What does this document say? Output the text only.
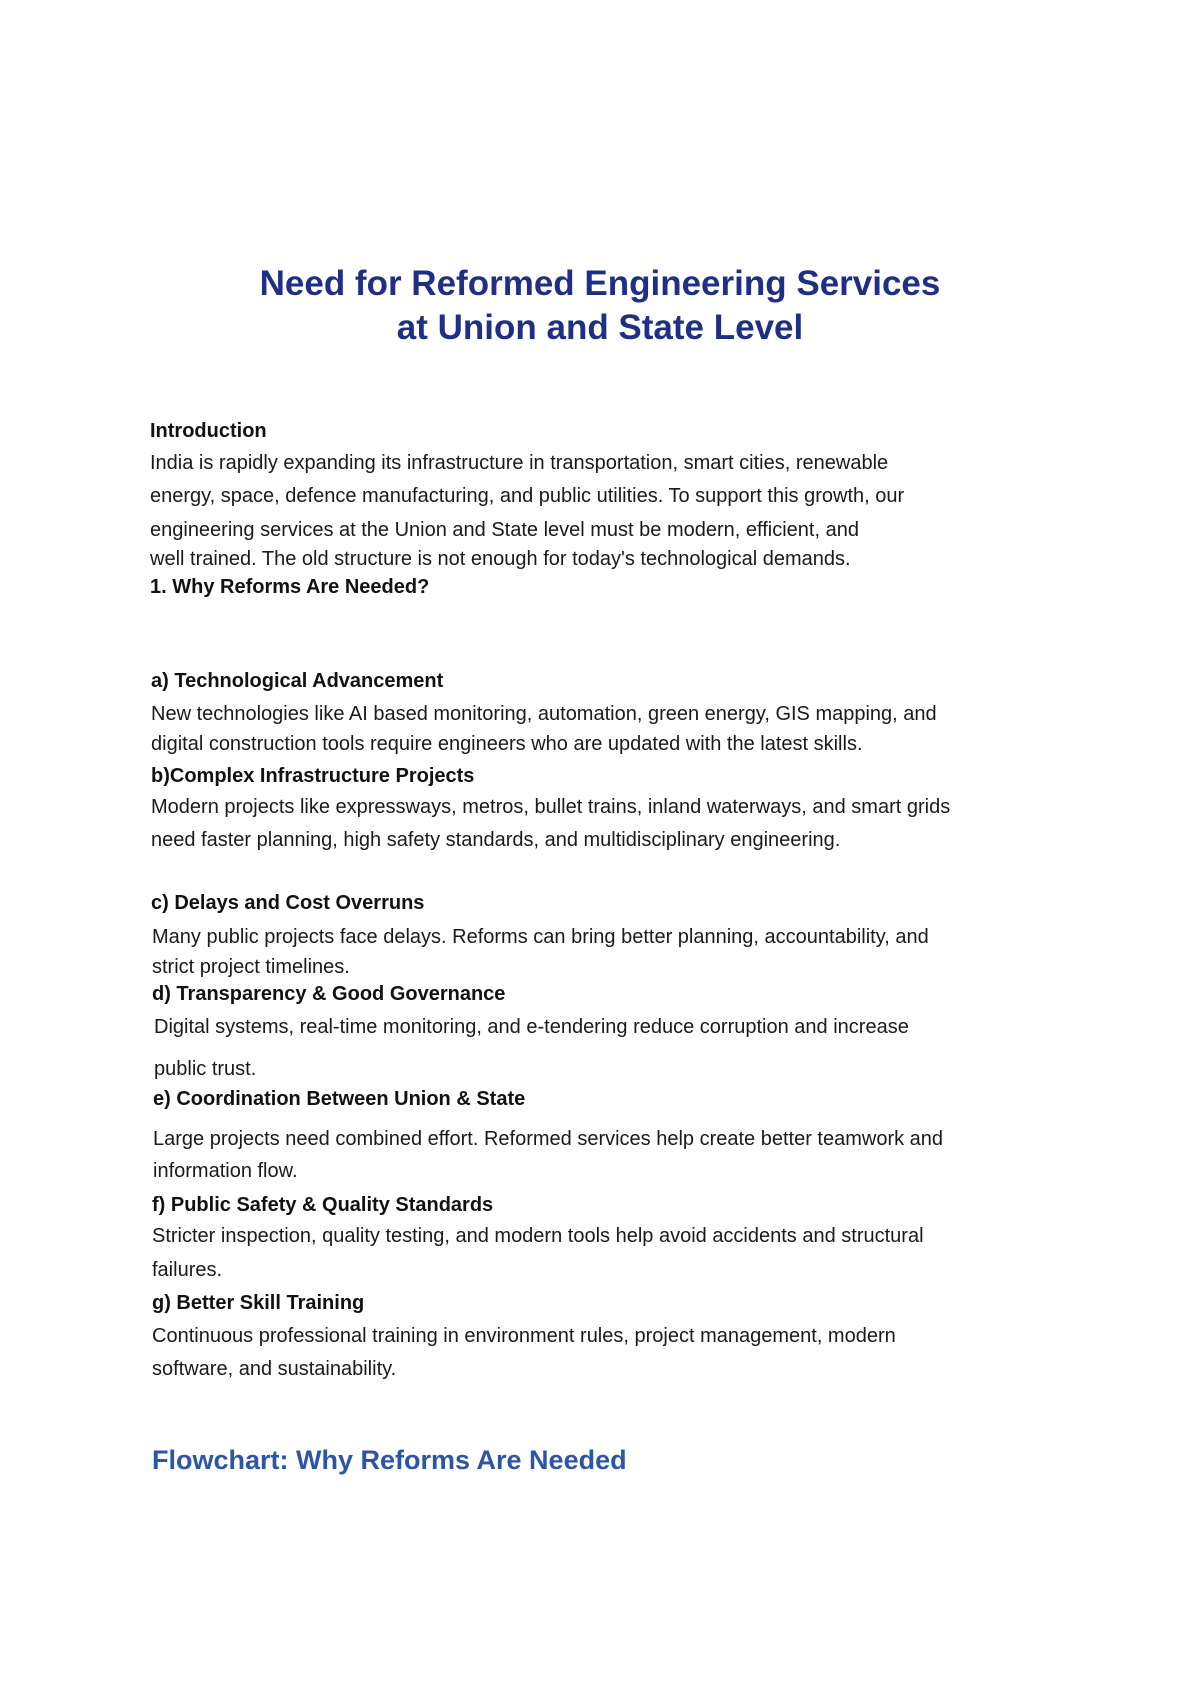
Need for Reformed Engineering Services
at Union and State Level

Introduction

India is rapidly expanding its infrastructure in transportation, smart cities, renewable

energy, space, defence manufacturing, and public utilities. To support this growth, our

engineering services at the Union and State level must be modern, efficient, and

well trained. The old structure is not enough for today's technological demands.

1. Why Reforms Are Needed?

a) Technological Advancement

New technologies like AI based monitoring, automation, green energy, GIS mapping, and

digital construction tools require engineers who are updated with the latest skills.

b)Complex Infrastructure Projects

Modern projects like expressways, metros, bullet trains, inland waterways, and smart grids

need faster planning, high safety standards, and multidisciplinary engineering.

c) Delays and Cost Overruns

Many public projects face delays. Reforms can bring better planning, accountability, and

strict project timelines.

d) Transparency & Good Governance

Digital systems, real-time monitoring, and e-tendering reduce corruption and increase

public trust.

e) Coordination Between Union & State

Large projects need combined effort. Reformed services help create better teamwork and

information flow.

f) Public Safety & Quality Standards

Stricter inspection, quality testing, and modern tools help avoid accidents and structural

failures.

g) Better Skill Training

Continuous professional training in environment rules, project management, modern

software, and sustainability.

Flowchart: Why Reforms Are Needed
